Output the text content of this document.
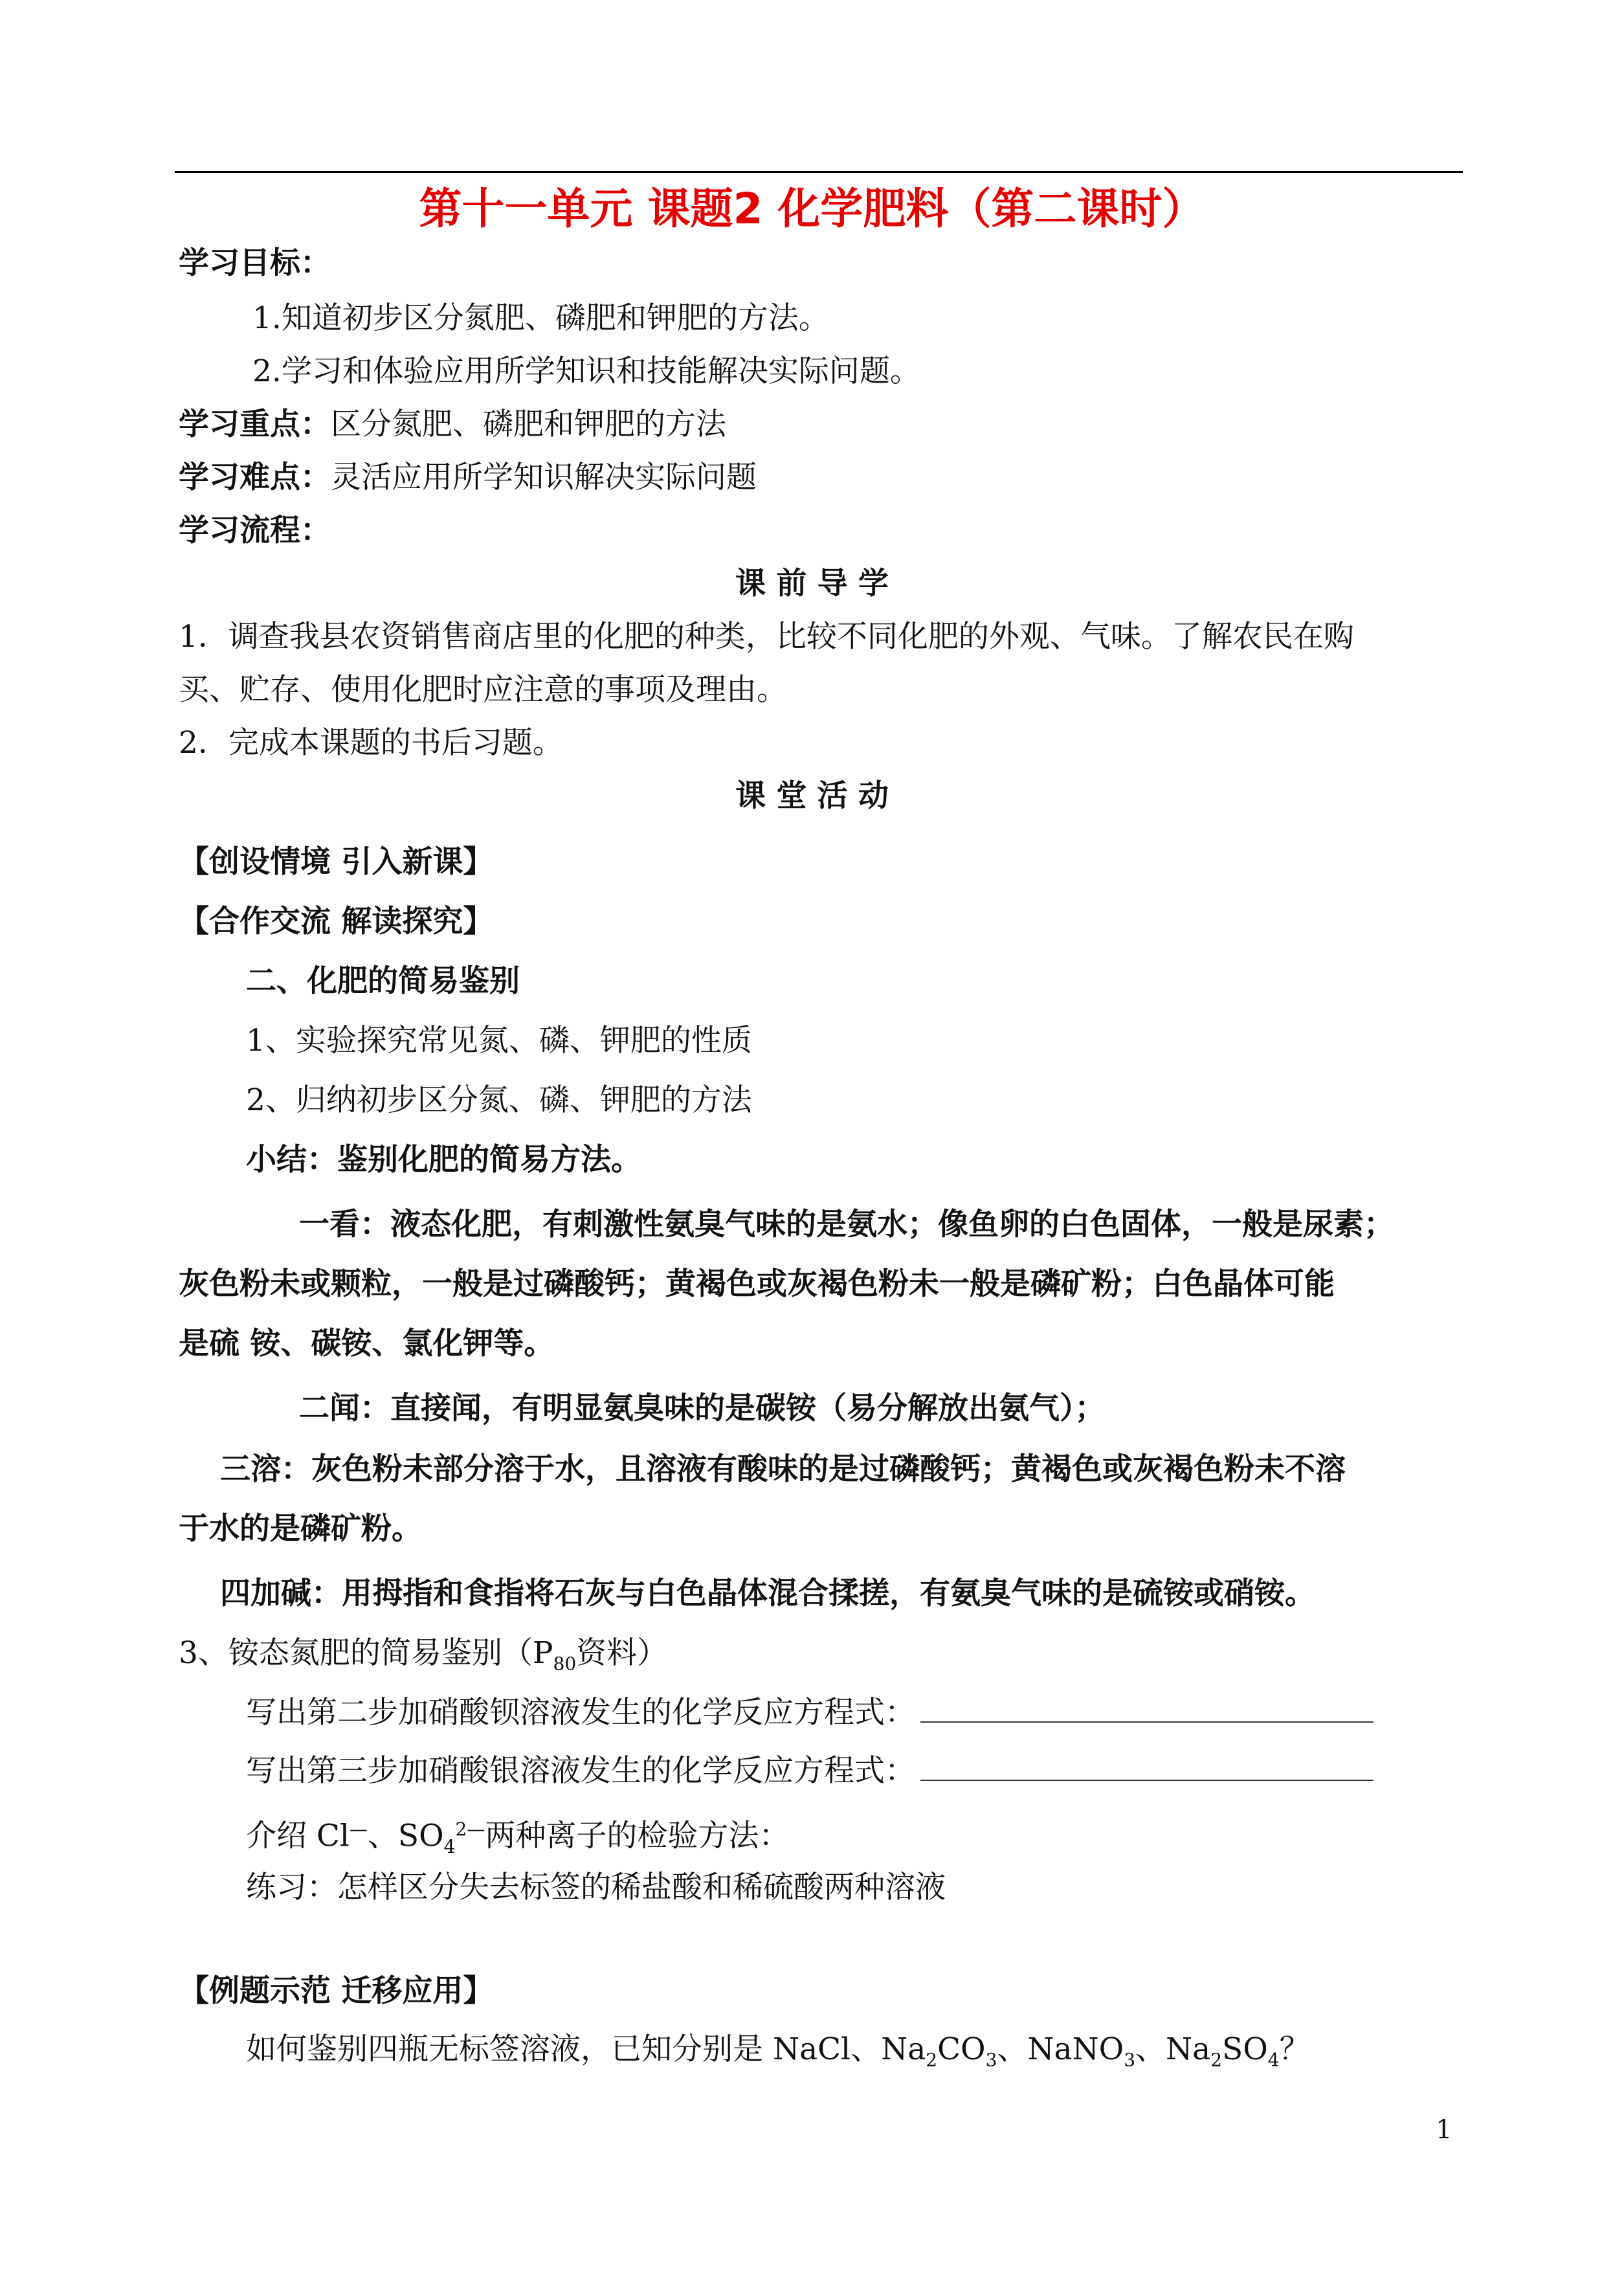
第十一单元 课题2 化学肥料（第二课时）
学习目标：
1.知道初步区分氮肥、磷肥和钾肥的方法。
2.学习和体验应用所学知识和技能解决实际问题。
学习重点：区分氮肥、磷肥和钾肥的方法
学习难点：灵活应用所学知识解决实际问题
学习流程：
课 前 导 学
1．调查我县农资销售商店里的化肥的种类，比较不同化肥的外观、气味。了解农民在购
买、贮存、使用化肥时应注意的事项及理由。
2．完成本课题的书后习题。
课 堂 活 动
【创设情境 引入新课】
【合作交流 解读探究】
二、化肥的简易鉴别
1、实验探究常见氮、磷、钾肥的性质
2、归纳初步区分氮、磷、钾肥的方法
小结：鉴别化肥的简易方法。
一看：液态化肥，有刺激性氨臭气味的是氨水；像鱼卵的白色固体，一般是尿素；
灰色粉未或颗粒，一般是过磷酸钙；黄褐色或灰褐色粉未一般是磷矿粉；白色晶体可能
是硫 铵、碳铵、氯化钾等。
二闻：直接闻，有明显氨臭味的是碳铵（易分解放出氨气）；
三溶：灰色粉未部分溶于水，且溶液有酸味的是过磷酸钙；黄褐色或灰褐色粉未不溶
于水的是磷矿粉。
四加碱：用拇指和食指将石灰与白色晶体混合揉搓，有氨臭气味的是硫铵或硝铵。
3、铵态氮肥的简易鉴别（$P_{80}$资料）
写出第二步加硝酸钡溶液发生的化学反应方程式：
写出第三步加硝酸银溶液发生的化学反应方程式：
介绍 Cl—、$SO_4^{2—}$两种离子的检验方法：
练习：怎样区分失去标签的稀盐酸和稀硫酸两种溶液
【例题示范 迁移应用】
如何鉴别四瓶无标签溶液，已知分别是 NaCl、$Na_2CO_3$、NaNO$_3$、$Na_2SO_4$？
1
